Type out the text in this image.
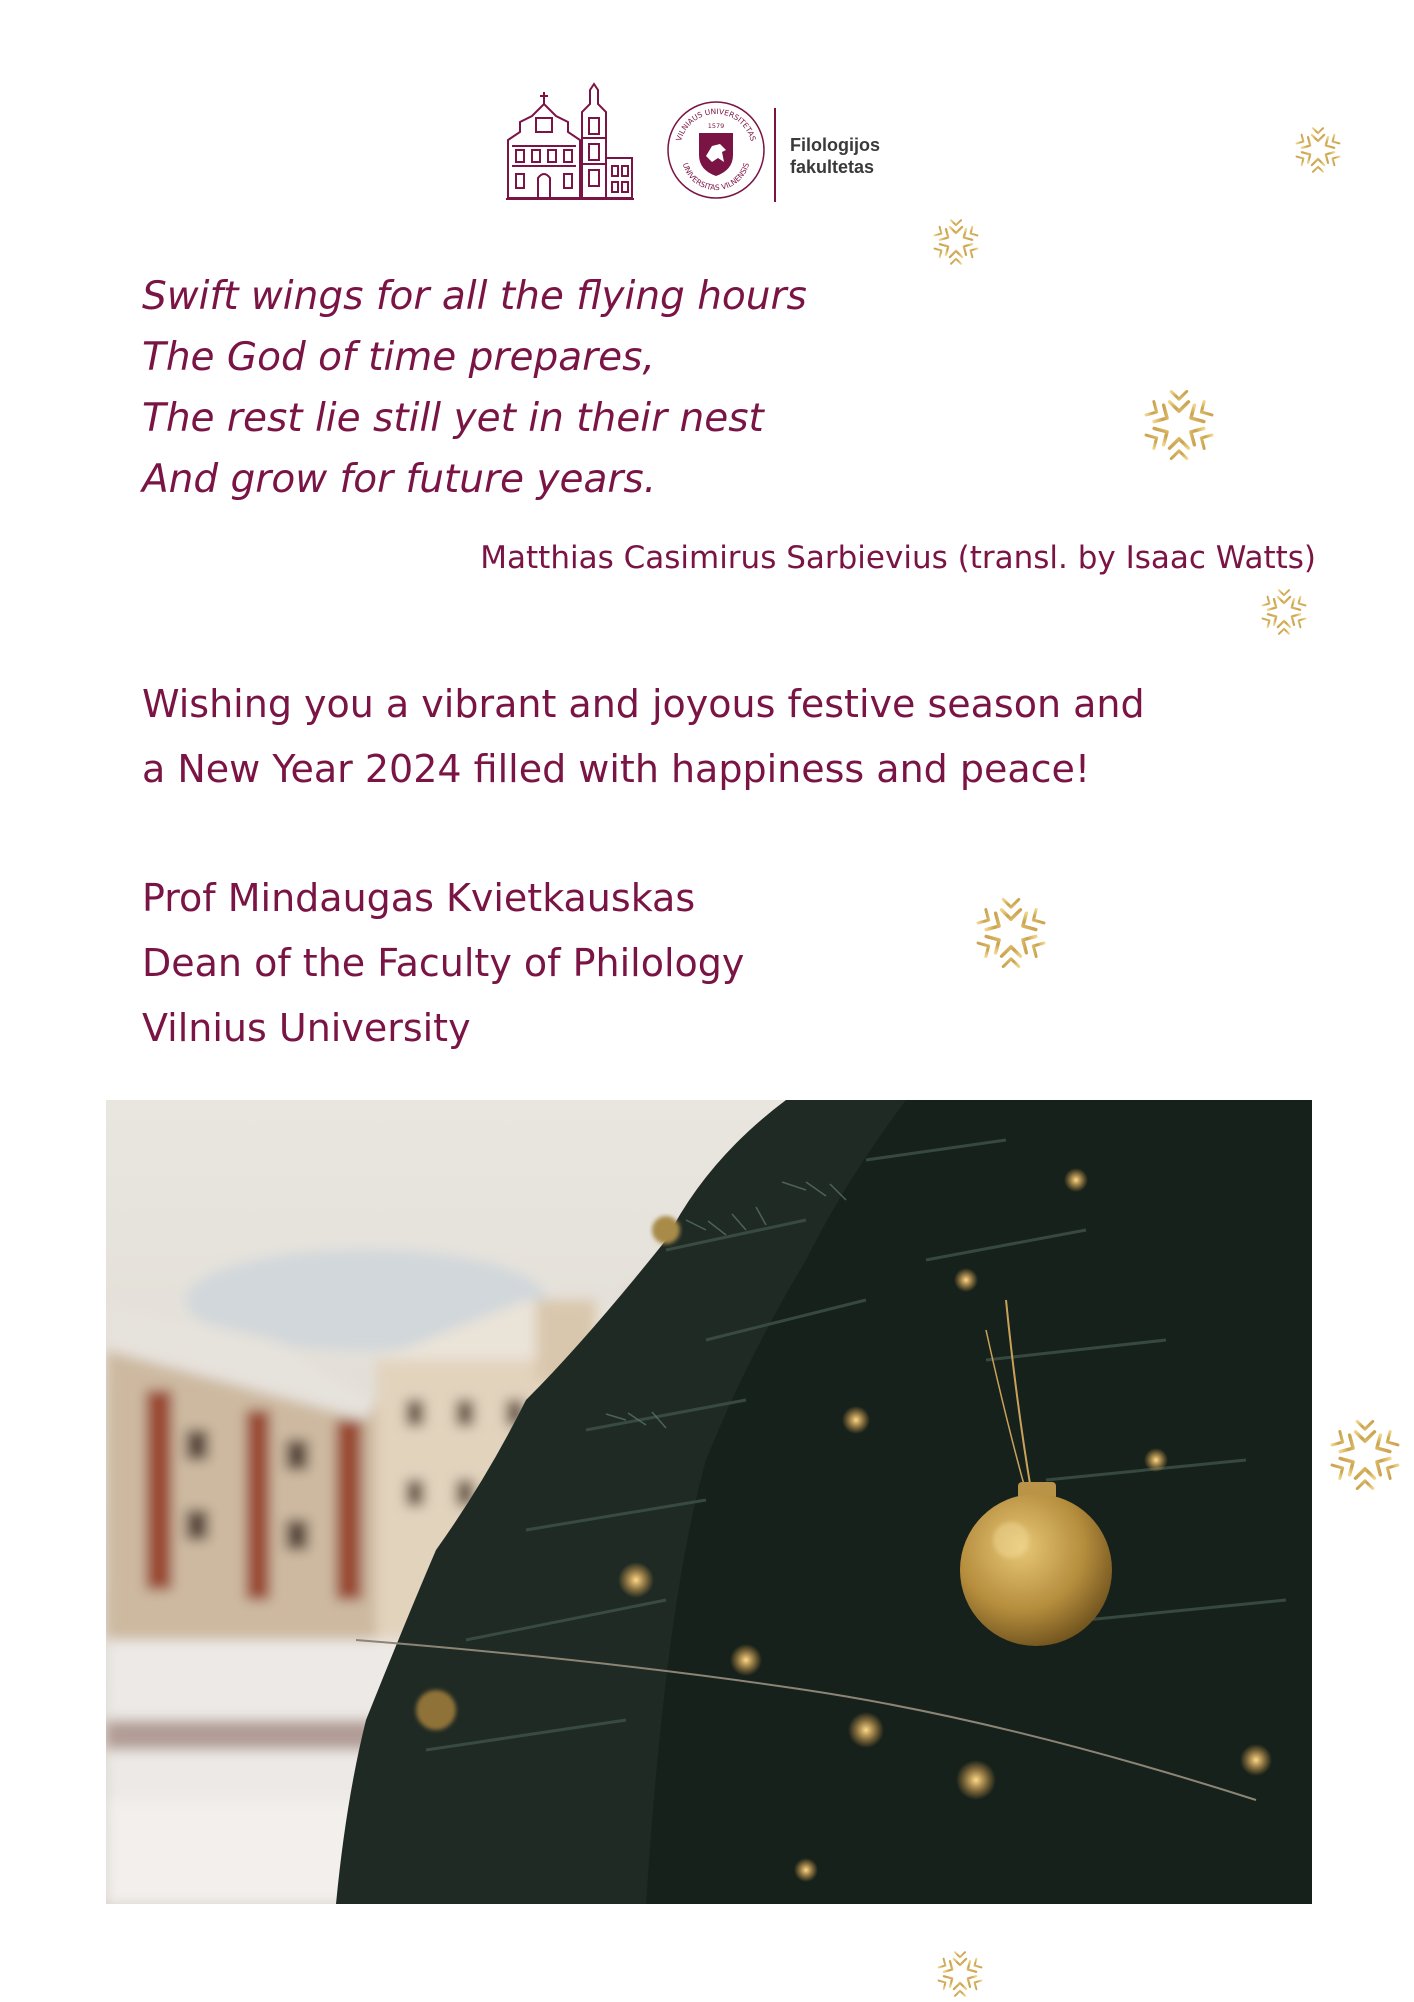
VILNIAUS UNIVERSITETAS
UNIVERSITAS VILNENSIS
1579
Filologijos
fakultetas
Swift wings for all the flying hours
The God of time prepares,
The rest lie still yet in their nest
And grow for future years.
Matthias Casimirus Sarbievius (transl. by Isaac Watts)
Wishing you a vibrant and joyous festive season and
a New Year 2024 filled with happiness and peace!
Prof Mindaugas Kvietkauskas
Dean of the Faculty of Philology
Vilnius University
